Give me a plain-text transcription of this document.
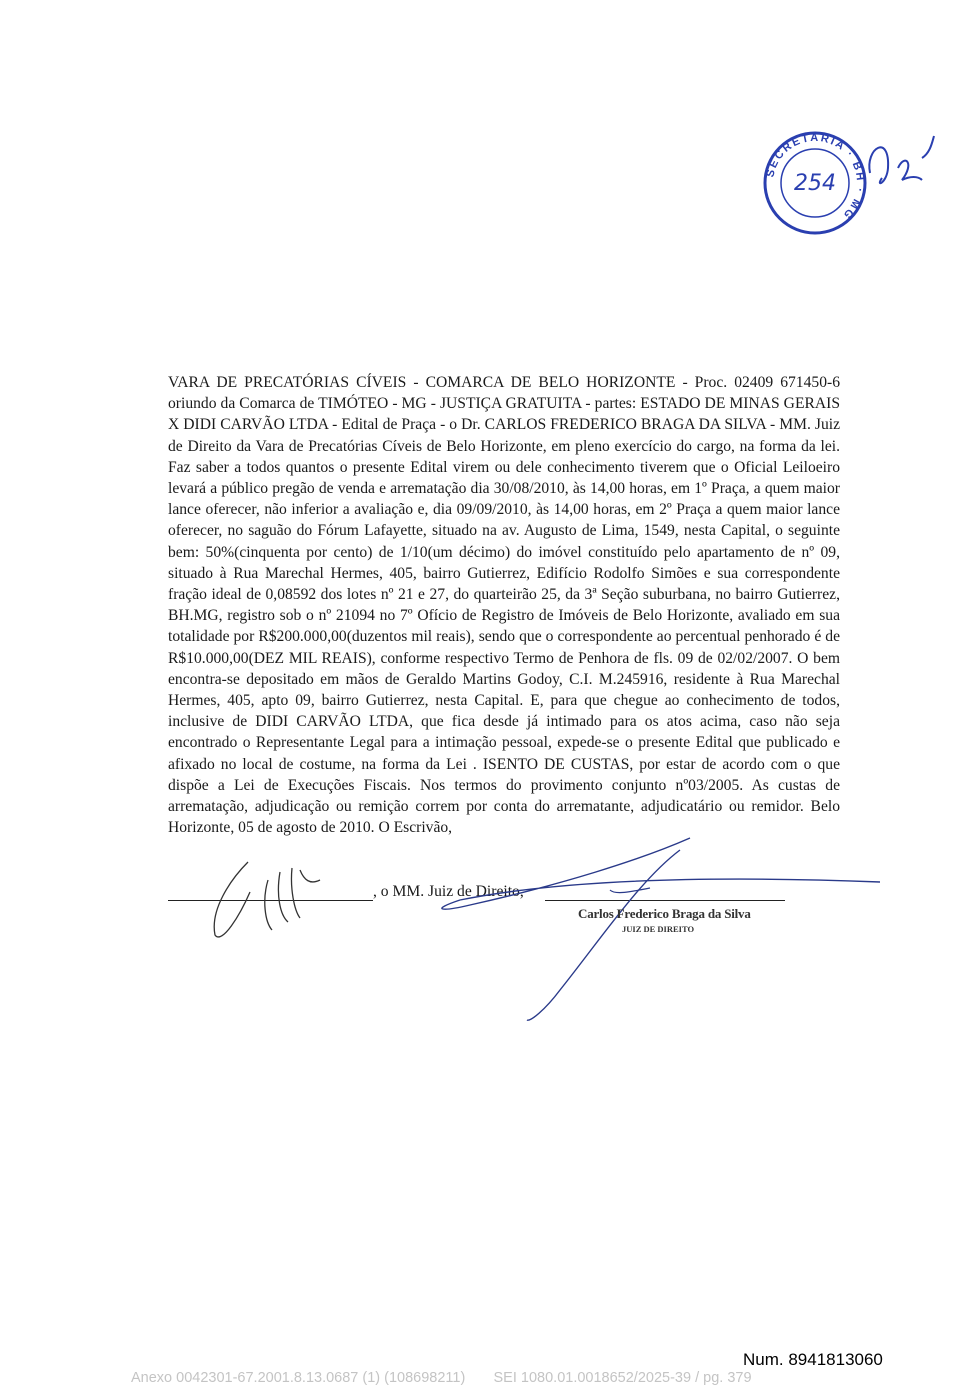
SECRETARIA · BH · MG
254
2

VARA DE PRECATÓRIAS CÍVEIS - COMARCA DE BELO HORIZONTE - Proc. 02409 671450-6 oriundo da Comarca de TIMÓTEO - MG - JUSTIÇA GRATUITA - partes: ESTADO DE MINAS GERAIS X DIDI CARVÃO LTDA - Edital de Praça - o Dr. CARLOS FREDERICO BRAGA DA SILVA - MM. Juiz de Direito da Vara de Precatórias Cíveis de Belo Horizonte, em pleno exercício do cargo, na forma da lei. Faz saber a todos quantos o presente Edital virem ou dele conhecimento tiverem que o Oficial Leiloeiro levará a público pregão de venda e arrematação dia 30/08/2010, às 14,00 horas, em 1º Praça, a quem maior lance oferecer, não inferior a avaliação e, dia 09/09/2010, às 14,00 horas, em 2º Praça a quem maior lance oferecer, no saguão do Fórum Lafayette, situado na av. Augusto de Lima, 1549, nesta Capital, o seguinte bem: 50%(cinquenta por cento) de 1/10(um décimo) do imóvel constituído pelo apartamento de nº 09, situado à Rua Marechal Hermes, 405, bairro Gutierrez, Edifício Rodolfo Simões e sua correspondente fração ideal de 0,08592 dos lotes nº 21 e 27, do quarteirão 25, da 3ª Seção suburbana, no bairro Gutierrez, BH.MG, registro sob o nº 21094 no 7º Ofício de Registro de Imóveis de Belo Horizonte, avaliado em sua totalidade por R$200.000,00(duzentos mil reais), sendo que o correspondente ao percentual penhorado é de R$10.000,00(DEZ MIL REAIS), conforme respectivo Termo de Penhora de fls. 09 de 02/02/2007. O bem encontra-se depositado em mãos de Geraldo Martins Godoy, C.I. M.245916, residente à Rua Marechal Hermes, 405, apto 09, bairro Gutierrez, nesta Capital. E, para que chegue ao conhecimento de todos, inclusive de DIDI CARVÃO LTDA, que fica desde já intimado para os atos acima, caso não seja encontrado o Representante Legal para a intimação pessoal, expede-se o presente Edital que publicado e afixado no local de costume, na forma da Lei . ISENTO DE CUSTAS, por estar de acordo com o que dispõe a Lei de Execuções Fiscais. Nos termos do provimento conjunto nº03/2005. As custas de arrematação, adjudicação ou remição correm por conta do arrematante, adjudicatário ou remidor. Belo Horizonte, 05 de agosto de 2010. O Escrivão,

, o MM. Juiz de Direito,
Carlos Frederico Braga da Silva
JUIZ DE DIREITO
Num. 8941813060
Anexo 0042301-67.2001.8.13.0687 (1) (108698211)       SEI 1080.01.0018652/2025-39 / pg. 379
